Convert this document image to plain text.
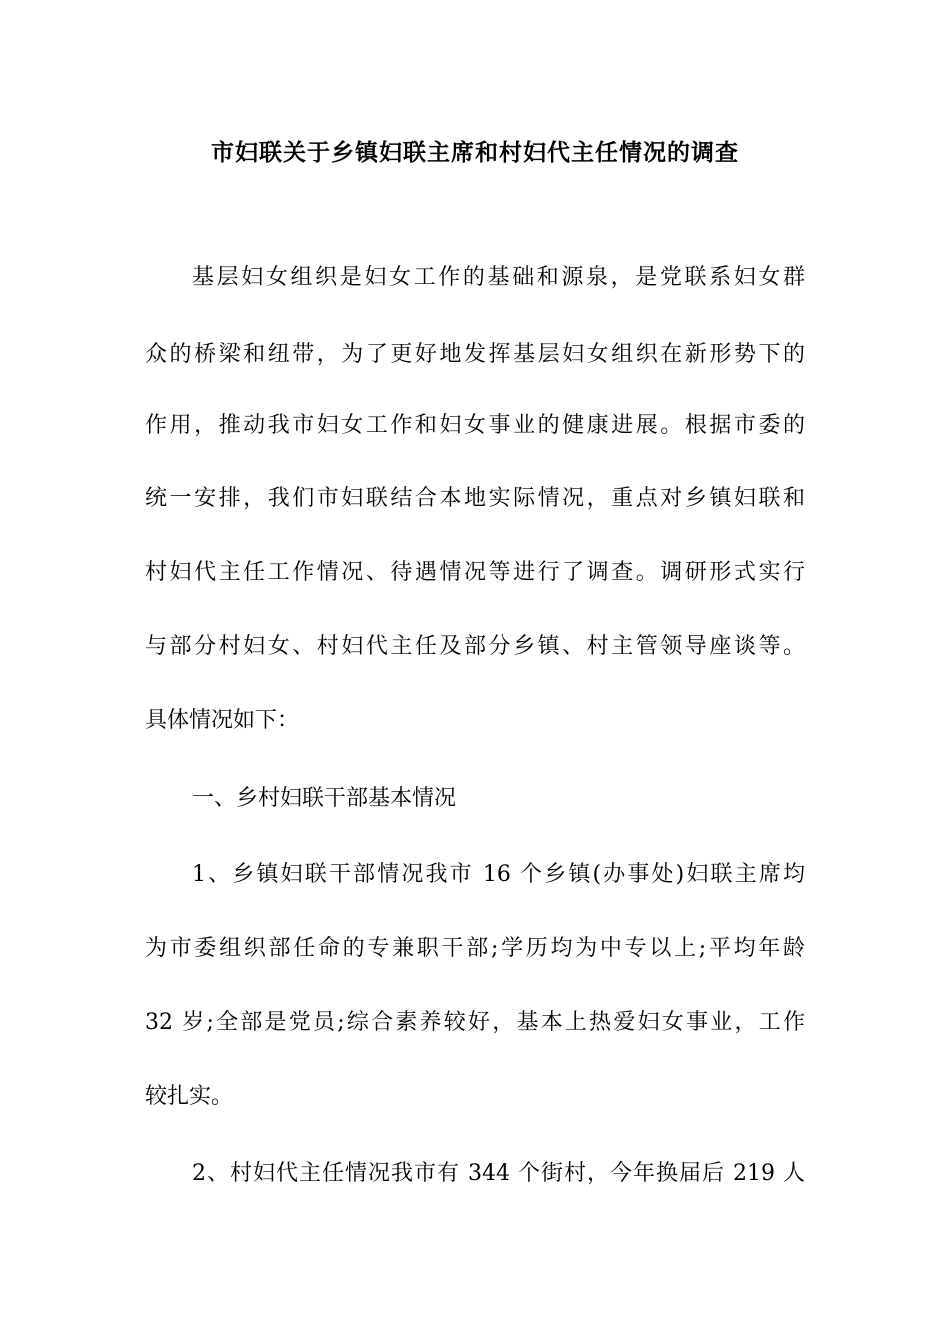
市妇联关于乡镇妇联主席和村妇代主任情况的调查

基层妇女组织是妇女工作的基础和源泉，是党联系妇女群

众的桥梁和纽带，为了更好地发挥基层妇女组织在新形势下的

作用，推动我市妇女工作和妇女事业的健康进展。根据市委的

统一安排，我们市妇联结合本地实际情况，重点对乡镇妇联和

村妇代主任工作情况、待遇情况等进行了调查。调研形式实行

与部分村妇女、村妇代主任及部分乡镇、村主管领导座谈等。

具体情况如下：

一、乡村妇联干部基本情况

1、乡镇妇联干部情况我市 16 个乡镇(办事处)妇联主席均

为市委组织部任命的专兼职干部;学历均为中专以上;平均年龄

32 岁;全部是党员;综合素养较好，基本上热爱妇女事业，工作

较扎实。

2、村妇代主任情况我市有 344 个街村，今年换届后 219 人
